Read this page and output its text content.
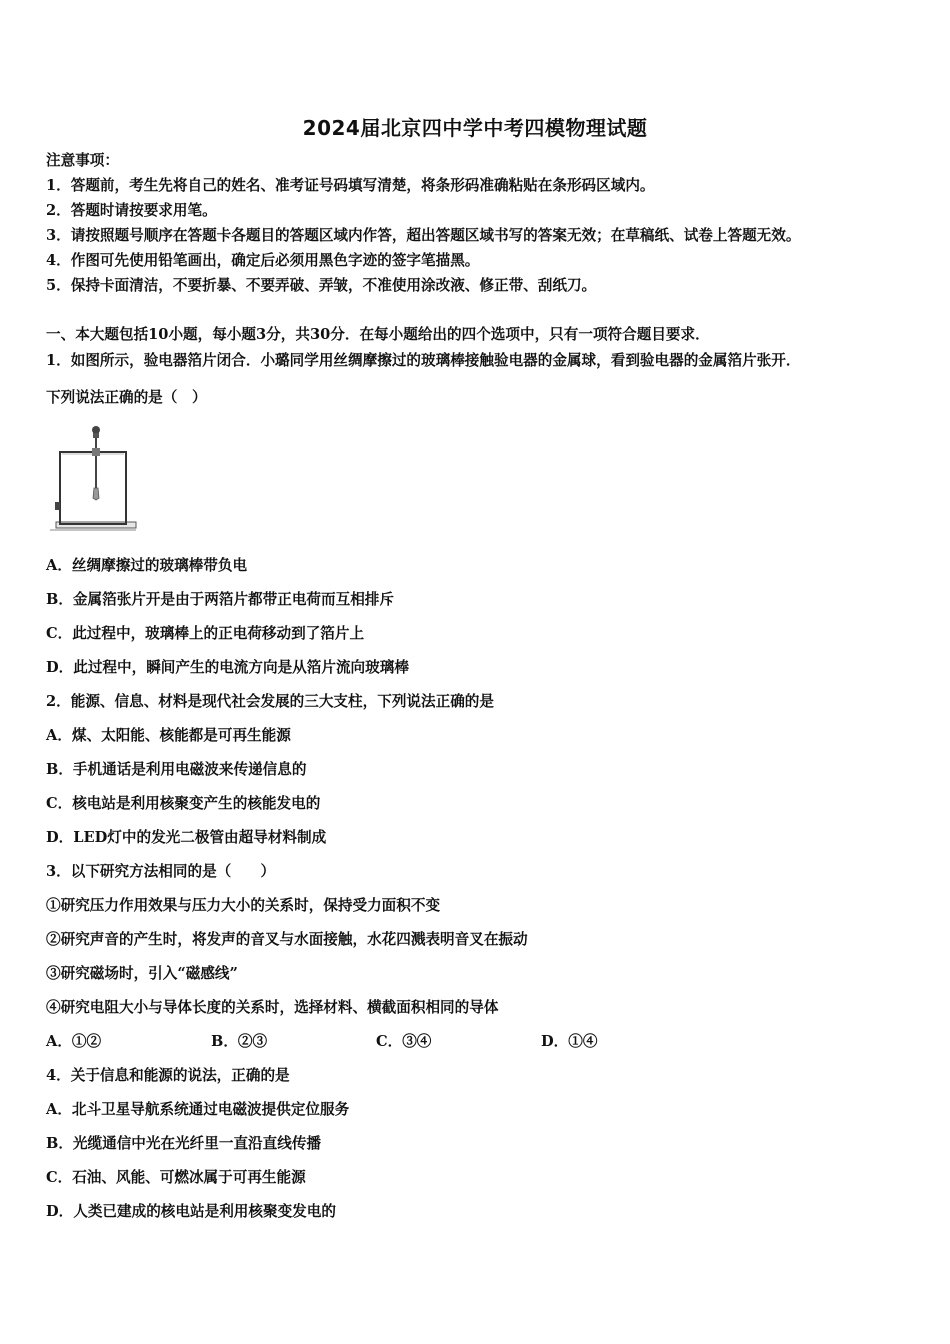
2024届北京四中学中考四模物理试题
注意事项：
1．答题前，考生先将自己的姓名、准考证号码填写清楚，将条形码准确粘贴在条形码区域内。
2．答题时请按要求用笔。
3．请按照题号顺序在答题卡各题目的答题区域内作答，超出答题区域书写的答案无效；在草稿纸、试卷上答题无效。
4．作图可先使用铅笔画出，确定后必须用黑色字迹的签字笔描黑。
5．保持卡面清洁，不要折暴、不要弄破、弄皱，不准使用涂改液、修正带、刮纸刀。
一、本大题包括10小题，每小题3分，共30分．在每小题给出的四个选项中，只有一项符合题目要求．
1．如图所示，验电器箔片闭合．小璐同学用丝绸摩擦过的玻璃棒接触验电器的金属球，看到验电器的金属箔片张开．
下列说法正确的是（　）
A．丝绸摩擦过的玻璃棒带负电
B．金属箔张片开是由于两箔片都带正电荷而互相排斥
C．此过程中，玻璃棒上的正电荷移动到了箔片上
D．此过程中，瞬间产生的电流方向是从箔片流向玻璃棒
2．能源、信息、材料是现代社会发展的三大支柱，下列说法正确的是
A．煤、太阳能、核能都是可再生能源
B．手机通话是利用电磁波来传递信息的
C．核电站是利用核聚变产生的核能发电的
D．LED灯中的发光二极管由超导材料制成
3．以下研究方法相同的是（　　）
①研究压力作用效果与压力大小的关系时，保持受力面积不变
②研究声音的产生时，将发声的音叉与水面接触，水花四溅表明音叉在振动
③研究磁场时，引入“磁感线”
④研究电阻大小与导体长度的关系时，选择材料、横截面积相同的导体
A．①②	B．②③	C．③④	D．①④
4．关于信息和能源的说法，正确的是
A．北斗卫星导航系统通过电磁波提供定位服务
B．光缆通信中光在光纤里一直沿直线传播
C．石油、风能、可燃冰属于可再生能源
D．人类已建成的核电站是利用核聚变发电的
